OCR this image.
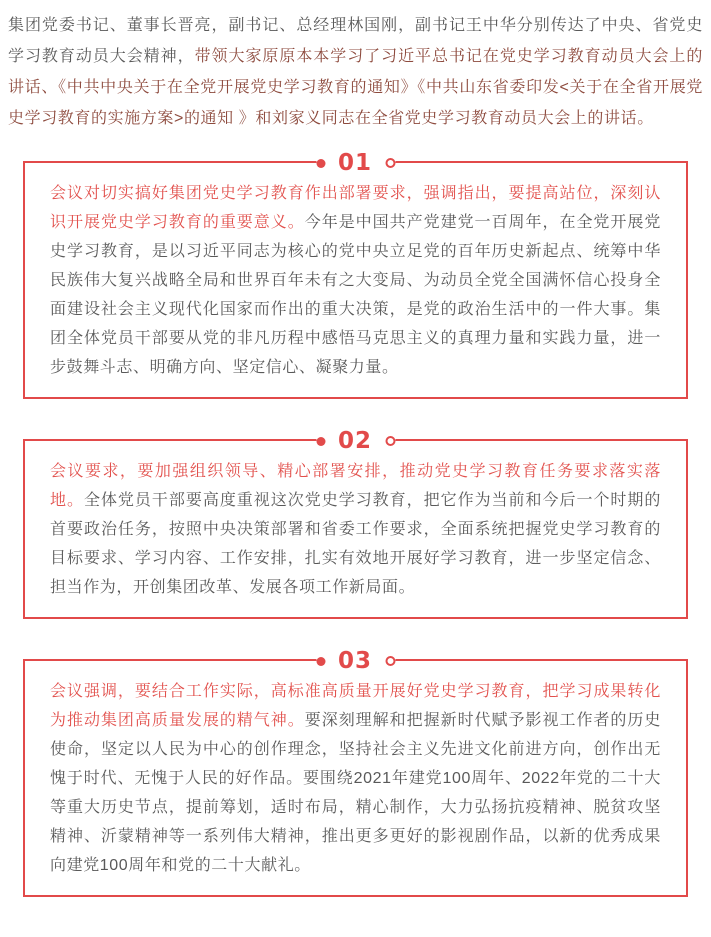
集团党委书记、董事长晋亮，副书记、总经理林国刚，副书记王中华分别传达了中央、省党史学习教育动员大会精神，带领大家原原本本学习了习近平总书记在党史学习教育动员大会上的讲话、《中共中央关于在全党开展党史学习教育的通知》《中共山东省委印发<关于在全省开展党史学习教育的实施方案>的通知 》和刘家义同志在全省党史学习教育动员大会上的讲话。

01

会议对切实搞好集团党史学习教育作出部署要求，强调指出，要提高站位，深刻认识开展党史学习教育的重要意义。今年是中国共产党建党一百周年，在全党开展党史学习教育，是以习近平同志为核心的党中央立足党的百年历史新起点、统筹中华民族伟大复兴战略全局和世界百年未有之大变局、为动员全党全国满怀信心投身全面建设社会主义现代化国家而作出的重大决策，是党的政治生活中的一件大事。集团全体党员干部要从党的非凡历程中感悟马克思主义的真理力量和实践力量，进一步鼓舞斗志、明确方向、坚定信心、凝聚力量。

02

会议要求，要加强组织领导、精心部署安排，推动党史学习教育任务要求落实落地。全体党员干部要高度重视这次党史学习教育，把它作为当前和今后一个时期的首要政治任务，按照中央决策部署和省委工作要求，全面系统把握党史学习教育的目标要求、学习内容、工作安排，扎实有效地开展好学习教育，进一步坚定信念、担当作为，开创集团改革、发展各项工作新局面。

03

会议强调，要结合工作实际，高标准高质量开展好党史学习教育，把学习成果转化为推动集团高质量发展的精气神。要深刻理解和把握新时代赋予影视工作者的历史使命，坚定以人民为中心的创作理念，坚持社会主义先进文化前进方向，创作出无愧于时代、无愧于人民的好作品。要围绕2021年建党100周年、2022年党的二十大等重大历史节点，提前筹划，适时布局，精心制作，大力弘扬抗疫精神、脱贫攻坚精神、沂蒙精神等一系列伟大精神，推出更多更好的影视剧作品，以新的优秀成果向建党100周年和党的二十大献礼。
